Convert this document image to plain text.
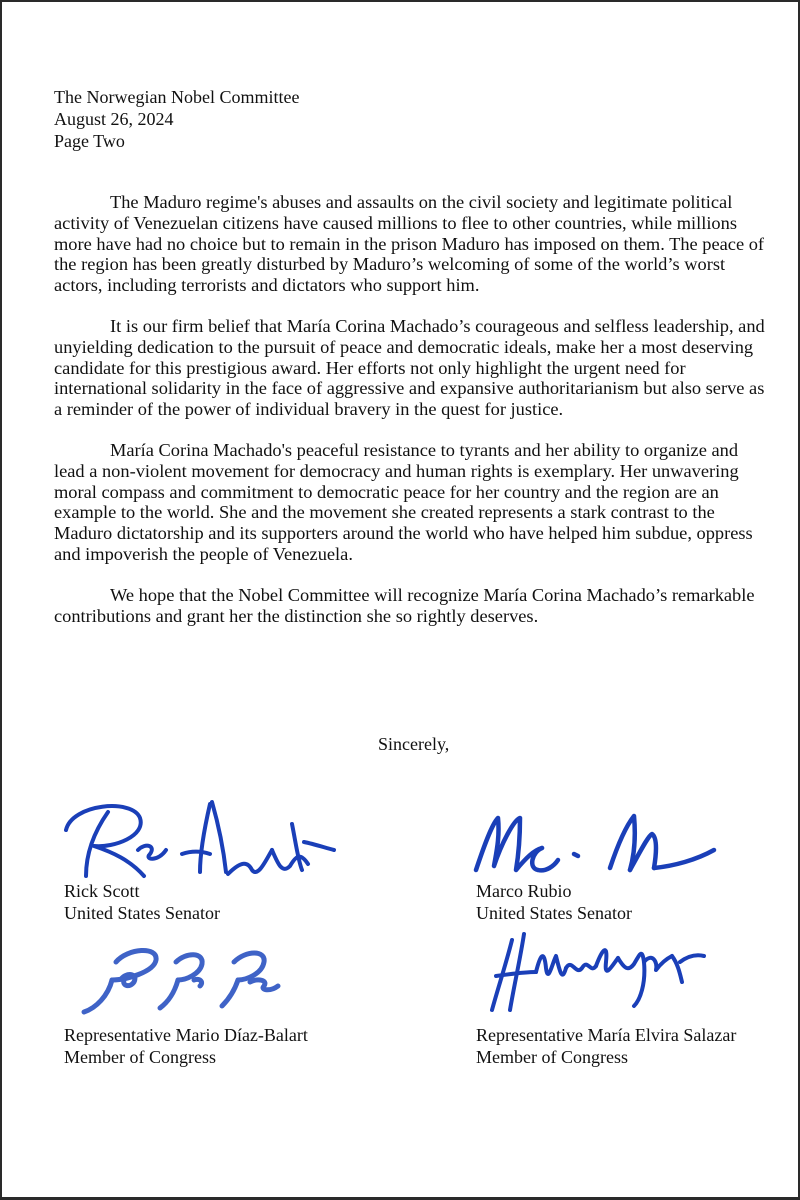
The Norwegian Nobel Committee
August 26, 2024
Page Two

The Maduro regime's abuses and assaults on the civil society and legitimate political activity of Venezuelan citizens have caused millions to flee to other countries, while millions more have had no choice but to remain in the prison Maduro has imposed on them. The peace of the region has been greatly disturbed by Maduro’s welcoming of some of the world’s worst actors, including terrorists and dictators who support him.

It is our firm belief that María Corina Machado’s courageous and selfless leadership, and unyielding dedication to the pursuit of peace and democratic ideals, make her a most deserving candidate for this prestigious award. Her efforts not only highlight the urgent need for international solidarity in the face of aggressive and expansive authoritarianism but also serve as a reminder of the power of individual bravery in the quest for justice.

María Corina Machado's peaceful resistance to tyrants and her ability to organize and lead a non-violent movement for democracy and human rights is exemplary. Her unwavering moral compass and commitment to democratic peace for her country and the region are an example to the world. She and the movement she created represents a stark contrast to the Maduro dictatorship and its supporters around the world who have helped him subdue, oppress and impoverish the people of Venezuela.

We hope that the Nobel Committee will recognize María Corina Machado’s remarkable contributions and grant her the distinction she so rightly deserves.

Sincerely,
Rick Scott
United States Senator
Marco Rubio
United States Senator
Representative Mario Díaz-Balart
Member of Congress
Representative María Elvira Salazar
Member of Congress
